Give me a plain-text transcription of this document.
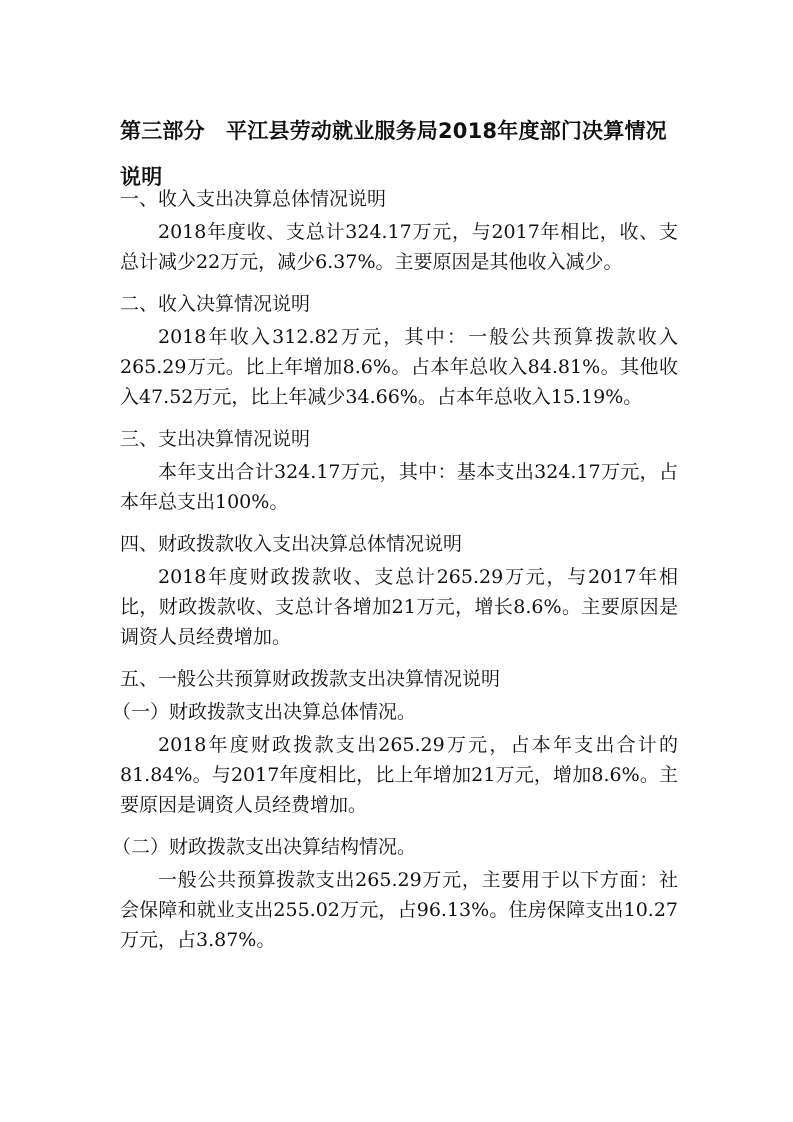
第三部分　平江县劳动就业服务局2018年度部门决算情况说明

一、收入支出决算总体情况说明

2018年度收、支总计324.17万元，与2017年相比，收、支总计减少22万元，减少6.37%。主要原因是其他收入减少。

二、收入决算情况说明

2018年收入312.82万元，其中：一般公共预算拨款收入265.29万元。比上年增加8.6%。占本年总收入84.81%。其他收入47.52万元，比上年减少34.66%。占本年总收入15.19%。

三、支出决算情况说明

本年支出合计324.17万元，其中：基本支出324.17万元，占本年总支出100%。

四、财政拨款收入支出决算总体情况说明

2018年度财政拨款收、支总计265.29万元，与2017年相比，财政拨款收、支总计各增加21万元，增长8.6%。主要原因是调资人员经费增加。

五、一般公共预算财政拨款支出决算情况说明

（一）财政拨款支出决算总体情况。

2018年度财政拨款支出265.29万元，占本年支出合计的81.84%。与2017年度相比，比上年增加21万元，增加8.6%。主要原因是调资人员经费增加。

（二）财政拨款支出决算结构情况。

一般公共预算拨款支出265.29万元，主要用于以下方面：社会保障和就业支出255.02万元，占96.13%。住房保障支出10.27万元，占3.87%。
